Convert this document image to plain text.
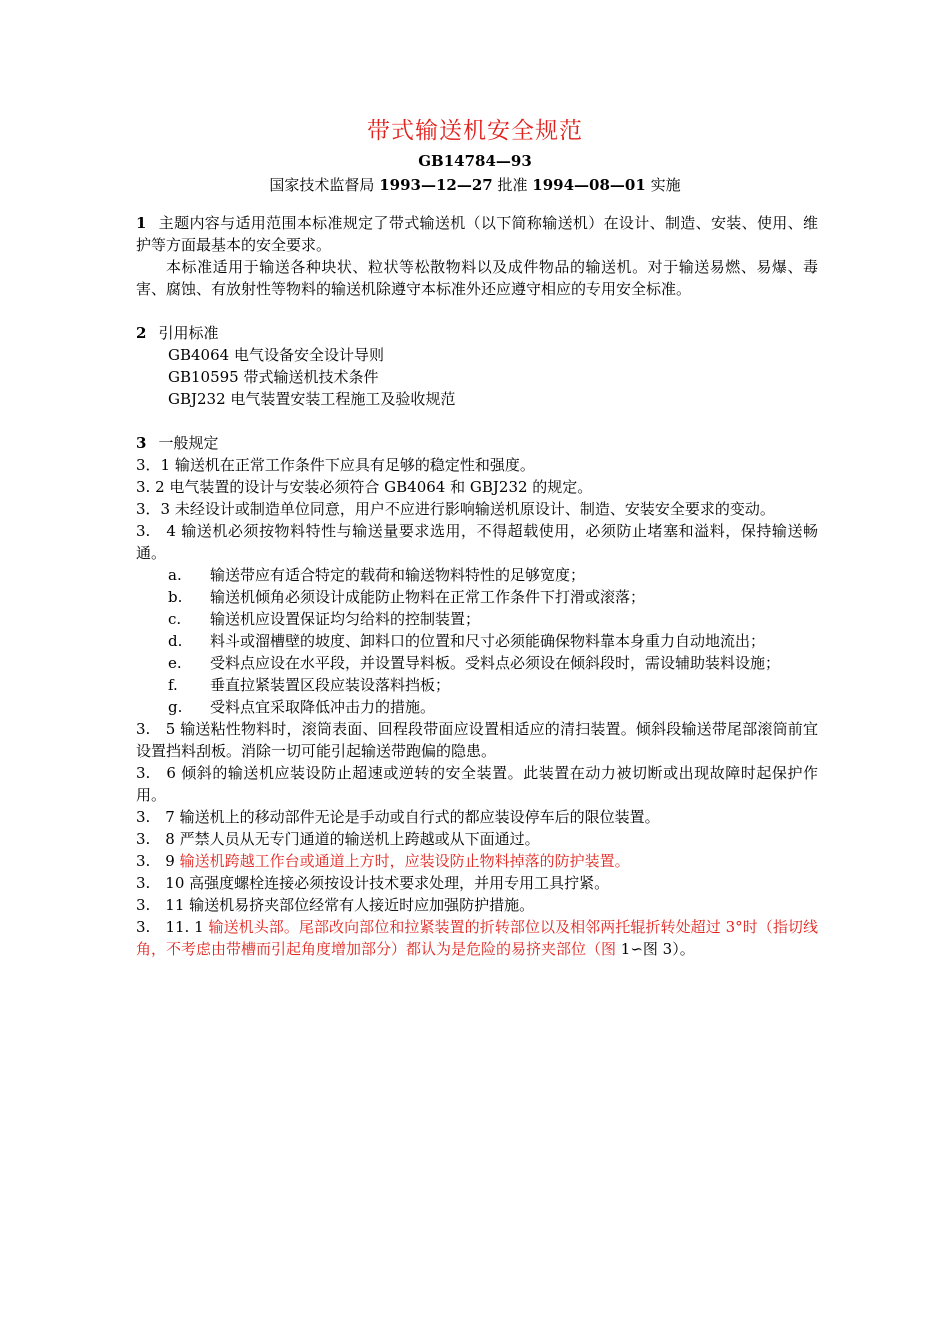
带式输送机安全规范
GB14784—93
国家技术监督局 1993—12—27 批准 1994—08—01 实施

1 主题内容与适用范围本标准规定了带式输送机（以下简称输送机）在设计、制造、安装、使用、维护等方面最基本的安全要求。

本标准适用于输送各种块状、粒状等松散物料以及成件物品的输送机。对于输送易燃、易爆、毒害、腐蚀、有放射性等物料的输送机除遵守本标准外还应遵守相应的专用安全标准。

2 引用标准

GB4064 电气设备安全设计导则

GB10595 带式输送机技术条件

GBJ232 电气装置安装工程施工及验收规范

3 一般规定

3．1 输送机在正常工作条件下应具有足够的稳定性和强度。

3. 2 电气装置的设计与安装必须符合 GB4064 和 GBJ232 的规定。

3．3 未经设计或制造单位同意，用户不应进行影响输送机原设计、制造、安装安全要求的变动。

3.　4 输送机必须按物料特性与输送量要求选用，不得超载使用，必须防止堵塞和溢料，保持输送畅通。

a.	输送带应有适合特定的载荷和输送物料特性的足够宽度；
b.	输送机倾角必须设计成能防止物料在正常工作条件下打滑或滚落；
c.	输送机应设置保证均匀给料的控制装置；

d. 料斗或溜槽壁的坡度、卸料口的位置和尺寸必须能确保物料靠本身重力自动地流出；

e. 受料点应设在水平段，并设置导料板。受料点必须设在倾斜段时，需设辅助装料设施；

f.	垂直拉紧装置区段应装设落料挡板；
g.	受料点宜采取降低冲击力的措施。

3.　5 输送粘性物料时，滚筒表面、回程段带面应设置相适应的清扫装置。倾斜段输送带尾部滚筒前宜设置挡料刮板。消除一切可能引起输送带跑偏的隐患。

3.　6 倾斜的输送机应装设防止超速或逆转的安全装置。此装置在动力被切断或出现故障时起保护作用。

3.　7 输送机上的移动部件无论是手动或自行式的都应装设停车后的限位装置。

3.　8 严禁人员从无专门通道的输送机上跨越或从下面通过。

3.　9 输送机跨越工作台或通道上方时，应装设防止物料掉落的防护装置。

3.　10 高强度螺栓连接必须按设计技术要求处理，并用专用工具拧紧。

3.　11 输送机易挤夹部位经常有人接近时应加强防护措施。

3.　11. 1 输送机头部。尾部改向部位和拉紧装置的折转部位以及相邻两托辊折转处超过 3°时（指切线角，不考虑由带槽而引起角度增加部分）都认为是危险的易挤夹部位（图 1∽图 3）。
